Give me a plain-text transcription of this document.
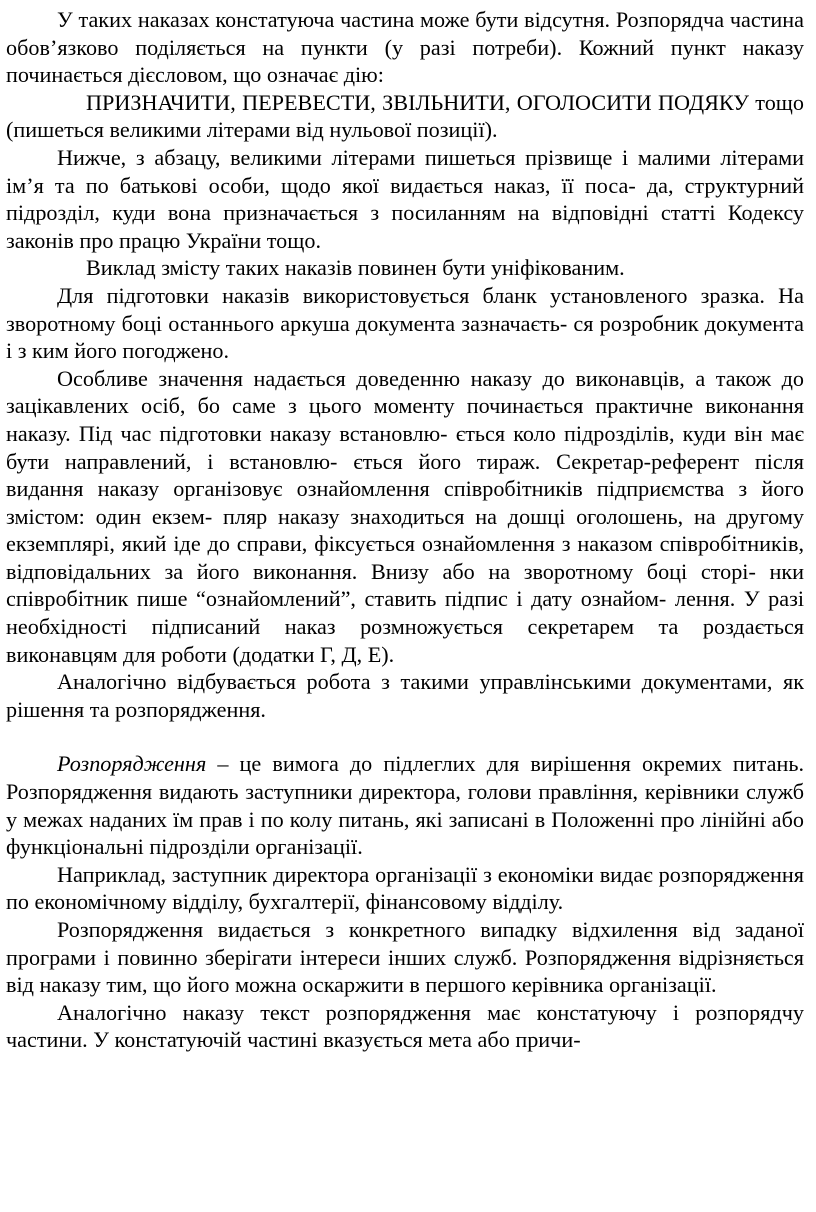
У таких наказах констатуюча частина може бути відсутня. Розпорядча частина обов’язково поділяється на пункти (у разі потреби). Кожний пункт наказу починається дієсловом, що означає дію:

ПРИЗНАЧИТИ, ПЕРЕВЕСТИ, ЗВІЛЬНИТИ, ОГОЛОСИТИ ПОДЯКУ тощо (пишеться великими літерами від нульової позиції).

Нижче, з абзацу, великими літерами пишеться прізвище і малими літерами ім’я та по батькові особи, щодо якої видається наказ, її поса- да, структурний підрозділ, куди вона призначається з посиланням на відповідні статті Кодексу законів про працю України тощо.

Виклад змісту таких наказів повинен бути уніфікованим.

Для підготовки наказів використовується бланк установленого зразка. На зворотному боці останнього аркуша документа зазначаєть- ся розробник документа і з ким його погоджено.

Особливе значення надається доведенню наказу до виконавців, а також до зацікавлених осіб, бо саме з цього моменту починається практичне виконання наказу. Під час підготовки наказу встановлю- ється коло підрозділів, куди він має бути направлений, і встановлю- ється його тираж. Секретар-референт після видання наказу організовує ознайомлення співробітників підприємства з його змістом: один екзем- пляр наказу знаходиться на дошці оголошень, на другому екземплярі, який іде до справи, фіксується ознайомлення з наказом співробітників, відповідальних за його виконання. Внизу або на зворотному боці сторі- нки співробітник пише “ознайомлений”, ставить підпис і дату ознайом- лення. У разі необхідності підписаний наказ розмножується секретарем та роздається виконавцям для роботи (додатки Г, Д, Е).

Аналогічно відбувається робота з такими управлінськими документами, як рішення та розпорядження.

Розпорядження – це вимога до підлеглих для вирішення окремих питань. Розпорядження видають заступники директора, голови правління, керівники служб у межах наданих їм прав і по колу питань, які записані в Положенні про лінійні або функціональні підрозділи організації.

Наприклад, заступник директора організації з економіки видає розпорядження по економічному відділу, бухгалтерії, фінансовому відділу.

Розпорядження видається з конкретного випадку відхилення від заданої програми і повинно зберігати інтереси інших служб. Розпорядження відрізняється від наказу тим, що його можна оскаржити в першого керівника організації.

Аналогічно наказу текст розпорядження має констатуючу і розпорядчу частини. У констатуючій частині вказується мета або причи-
